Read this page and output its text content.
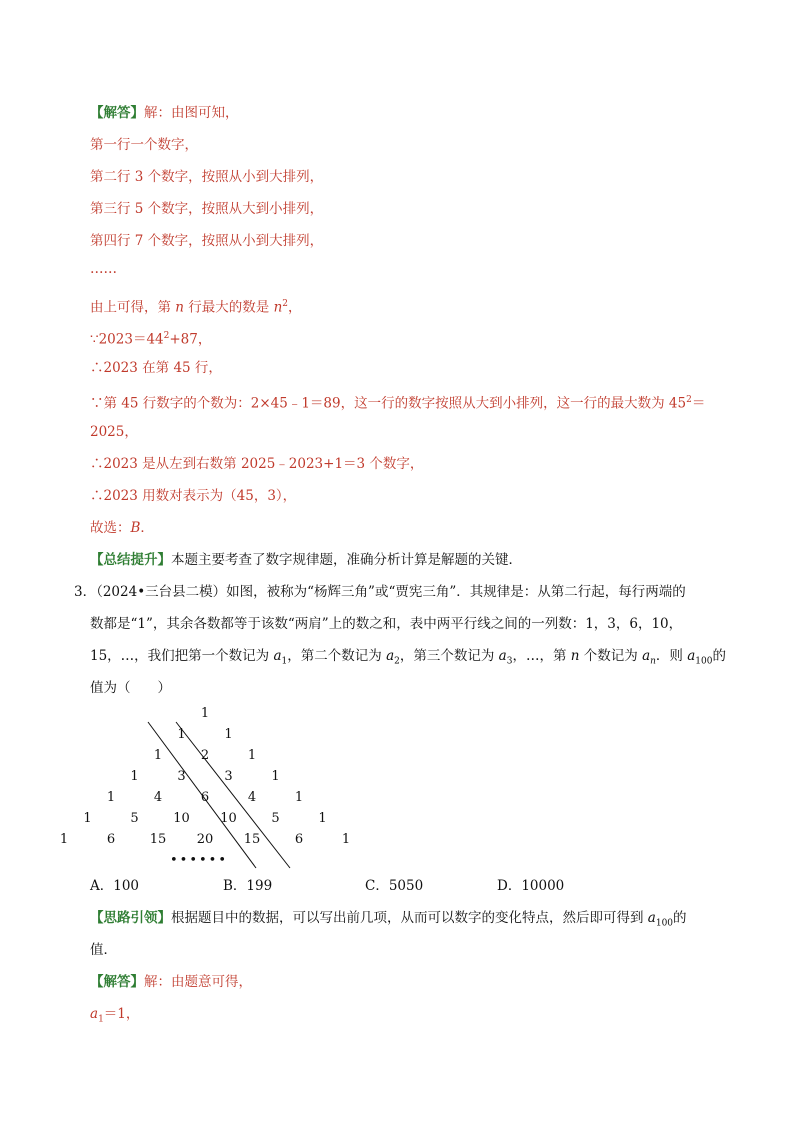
【解答】解：由图可知，
第一行一个数字，
第二行 3 个数字，按照从小到大排列，
第三行 5 个数字，按照从大到小排列，
第四行 7 个数字，按照从小到大排列，
……
由上可得，第 n 行最大的数是 $n^2$，
$\because 2023=44^2+87$，
∴2023 在第 45 行，
∵第 45 行数字的个数为：2×45﹣1＝89，这一行的数字按照从大到小排列，这一行的最大数为 $45^2=$
2025，
∴2023 是从左到右数第 2025﹣2023+1＝3 个数字，
∴2023 用数对表示为（45，3），
故选：B．
【总结提升】本题主要考查了数字规律题，准确分析计算是解题的关键．
3．（2024•三台县二模）如图，被称为“杨辉三角”或“贾宪三角”．其规律是：从第二行起，每行两端的
数都是“1”，其余各数都等于该数“两肩”上的数之和，表中两平行线之间的一列数：1，3，6，10，
15，…，我们把第一个数记为 $a_1$，第二个数记为 $a_2$，第三个数记为 $a_3$，…，第 n 个数记为 $a_n$．则 $a_{100}$的
值为（　　）
1
1	1
1	2	1
1	3	3	1
1	4	6	4	1
1	5	10 10	5	1
1	6	15 20 15	6	1
••••••
A．100	B．199	C．5050	D．10000
【思路引领】根据题目中的数据，可以写出前几项，从而可以数字的变化特点，然后即可得到 $a_{100}$的
值．
【解答】解：由题意可得，
$a_1=1$，
